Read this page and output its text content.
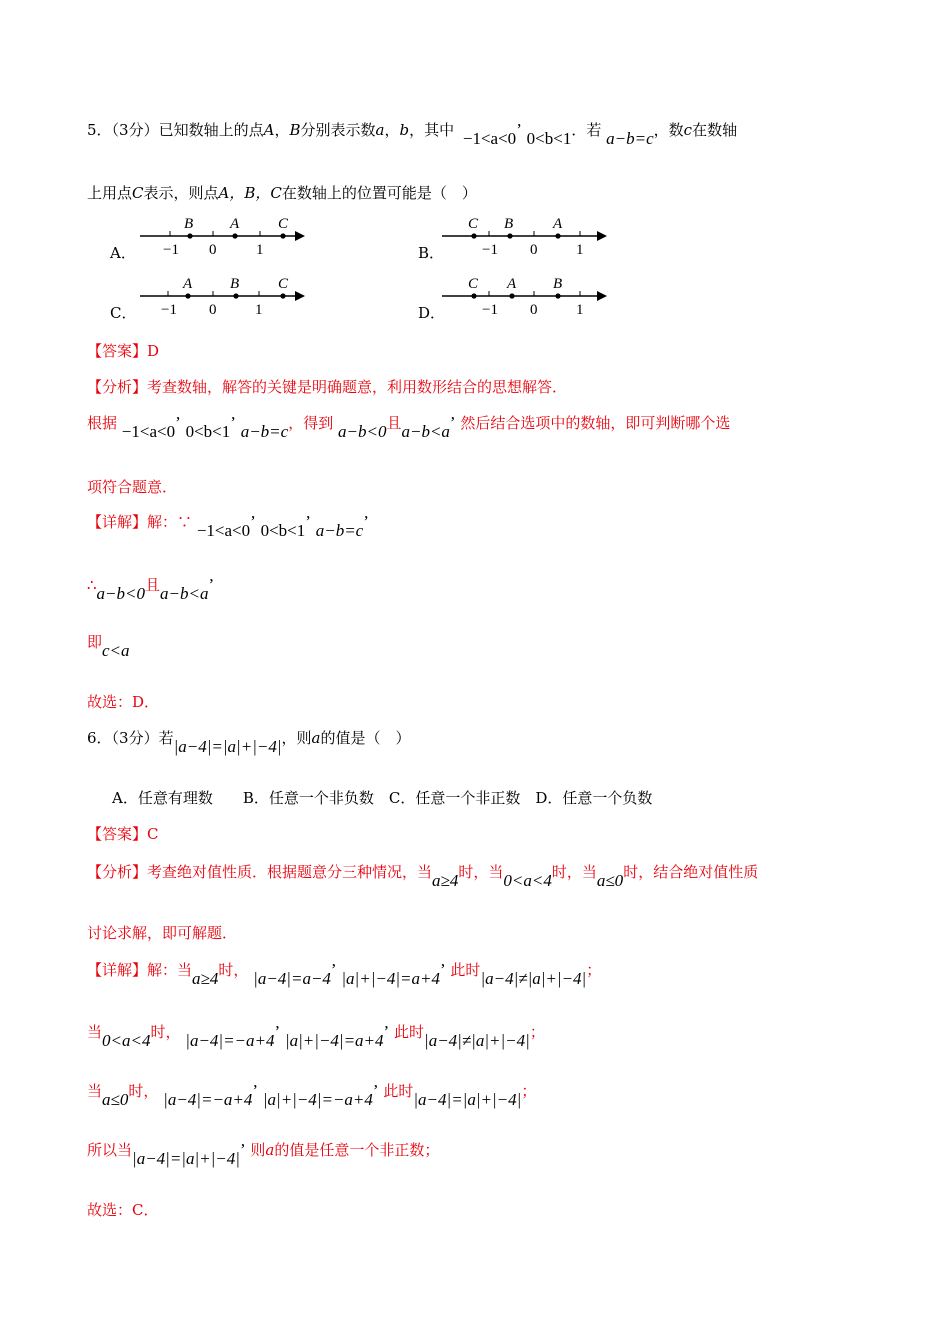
5．（3分）已知数轴上的点A，B分别表示数a，b，其中 −1<a<0’ 0<b<1．若 a−b=c，数c在数轴
上用点C表示，则点A，B，C在数轴上的位置可能是（　）
A． −1 0	1
B A	C
B．	−1 0	1
C B	A
C． −1 0	1
A	B	C
D． −1 0	1
C A B
【答案】D
【分析】考查数轴，解答的关键是明确题意，利用数形结合的思想解答．
根据 −1<a<0’ 0<b<1’ a−b=c，得到 a−b<0且a−b<a’ 然后结合选项中的数轴，即可判断哪个选
项符合题意．
【详解】解：∵ −1<a<0’ 0<b<1’ a−b=c’
∴a−b<0且a−b<a’
即c<a
故选：D．
6．（3分）若|a−4|=|a|+|−4|，则a的值是（　）
A．任意有理数　　B．任意一个非负数　C．任意一个非正数　D．任意一个负数
【答案】C
【分析】考查绝对值性质．根据题意分三种情况，当a≥4时，当0<a<4时，当a≤0时，结合绝对值性质
讨论求解，即可解题．
【详解】解：当a≥4时， |a−4|=a−4’ |a|+|−4|=a+4’ 此时|a−4|≠|a|+|−4|；
当0<a<4时， |a−4|=−a+4’ |a|+|−4|=a+4’ 此时|a−4|≠|a|+|−4|；
当a≤0时， |a−4|=−a+4’ |a|+|−4|=−a+4’ 此时|a−4|=|a|+|−4|；
所以当|a−4|=|a|+|−4|’ 则a的值是任意一个非正数；
故选：C．
